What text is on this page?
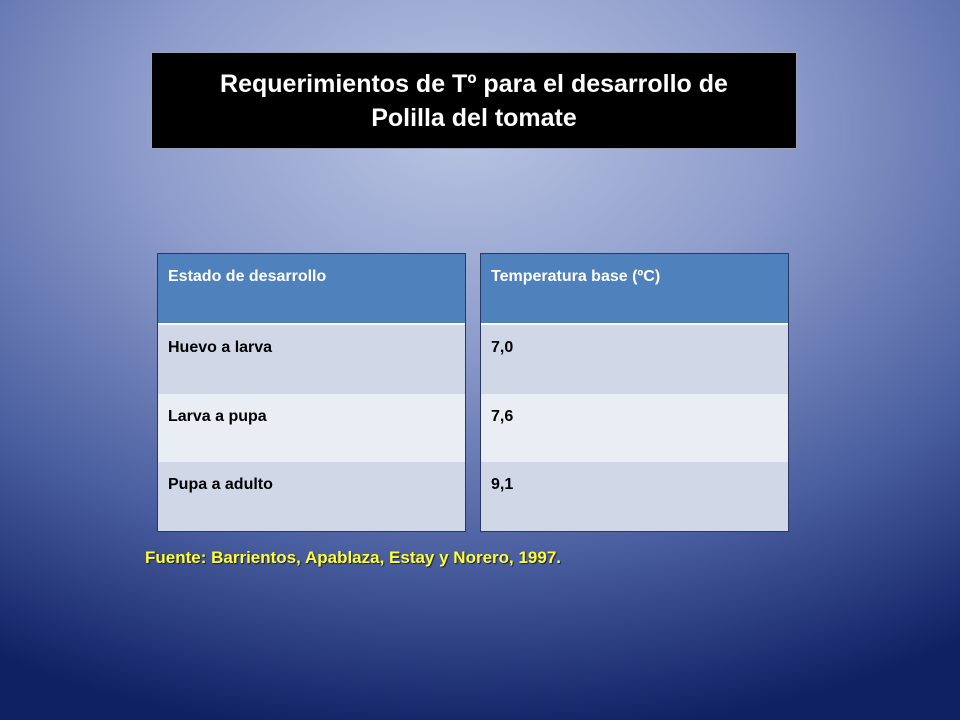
Requerimientos de Tº para el desarrollo de
Polilla del tomate
Estado de desarrollo
Huevo a larva
Larva a pupa
Pupa a adulto
Temperatura base (ºC)
7,0
7,6
9,1
Fuente: Barrientos, Apablaza, Estay y Norero, 1997.
